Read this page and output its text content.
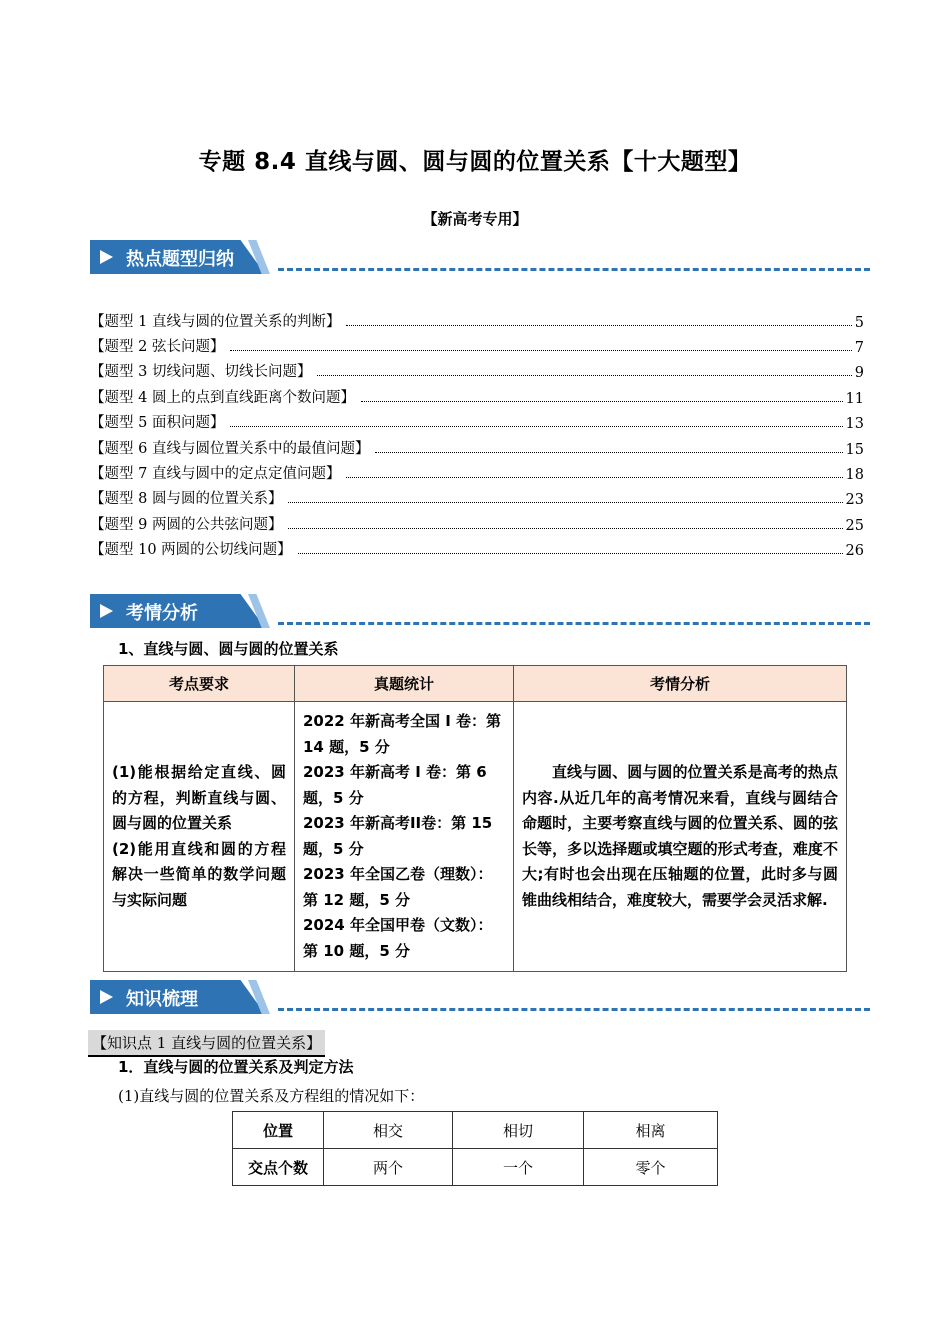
专题 8.4 直线与圆、圆与圆的位置关系【十大题型】
【新高考专用】
热点题型归纳
【题型 1 直线与圆的位置关系的判断】	5
【题型 2 弦长问题】	7
【题型 3 切线问题、切线长问题】	9
【题型 4 圆上的点到直线距离个数问题】	11
【题型 5 面积问题】	13
【题型 6 直线与圆位置关系中的最值问题】	15
【题型 7 直线与圆中的定点定值问题】	18
【题型 8 圆与圆的位置关系】	23
【题型 9 两圆的公共弦问题】	25
【题型 10 两圆的公切线问题】	26
考情分析
1、直线与圆、圆与圆的位置关系
考点要求	真题统计	考情分析
(1)能根据给定直线、圆的方程，判断直线与圆、圆与圆的位置关系
(2)能用直线和圆的方程解决一些简单的数学问题与实际问题	2022 年新高考全国 I 卷：第 14 题，5 分
2023 年新高考 I 卷：第 6 题，5 分
2023 年新高考II卷：第 15 题，5 分
2023 年全国乙卷（理数）：第 12 题，5 分
2024 年全国甲卷（文数）：第 10 题，5 分	直线与圆、圆与圆的位置关系是高考的热点内容.从近几年的高考情况来看，直线与圆结合命题时，主要考察直线与圆的位置关系、圆的弦长等，多以选择题或填空题的形式考查，难度不大;有时也会出现在压轴题的位置，此时多与圆锥曲线相结合，难度较大，需要学会灵活求解.
知识梳理
【知识点 1 直线与圆的位置关系】
1．直线与圆的位置关系及判定方法
(1)直线与圆的位置关系及方程组的情况如下：
位置	相交	相切	相离
交点个数	两个	一个	零个
